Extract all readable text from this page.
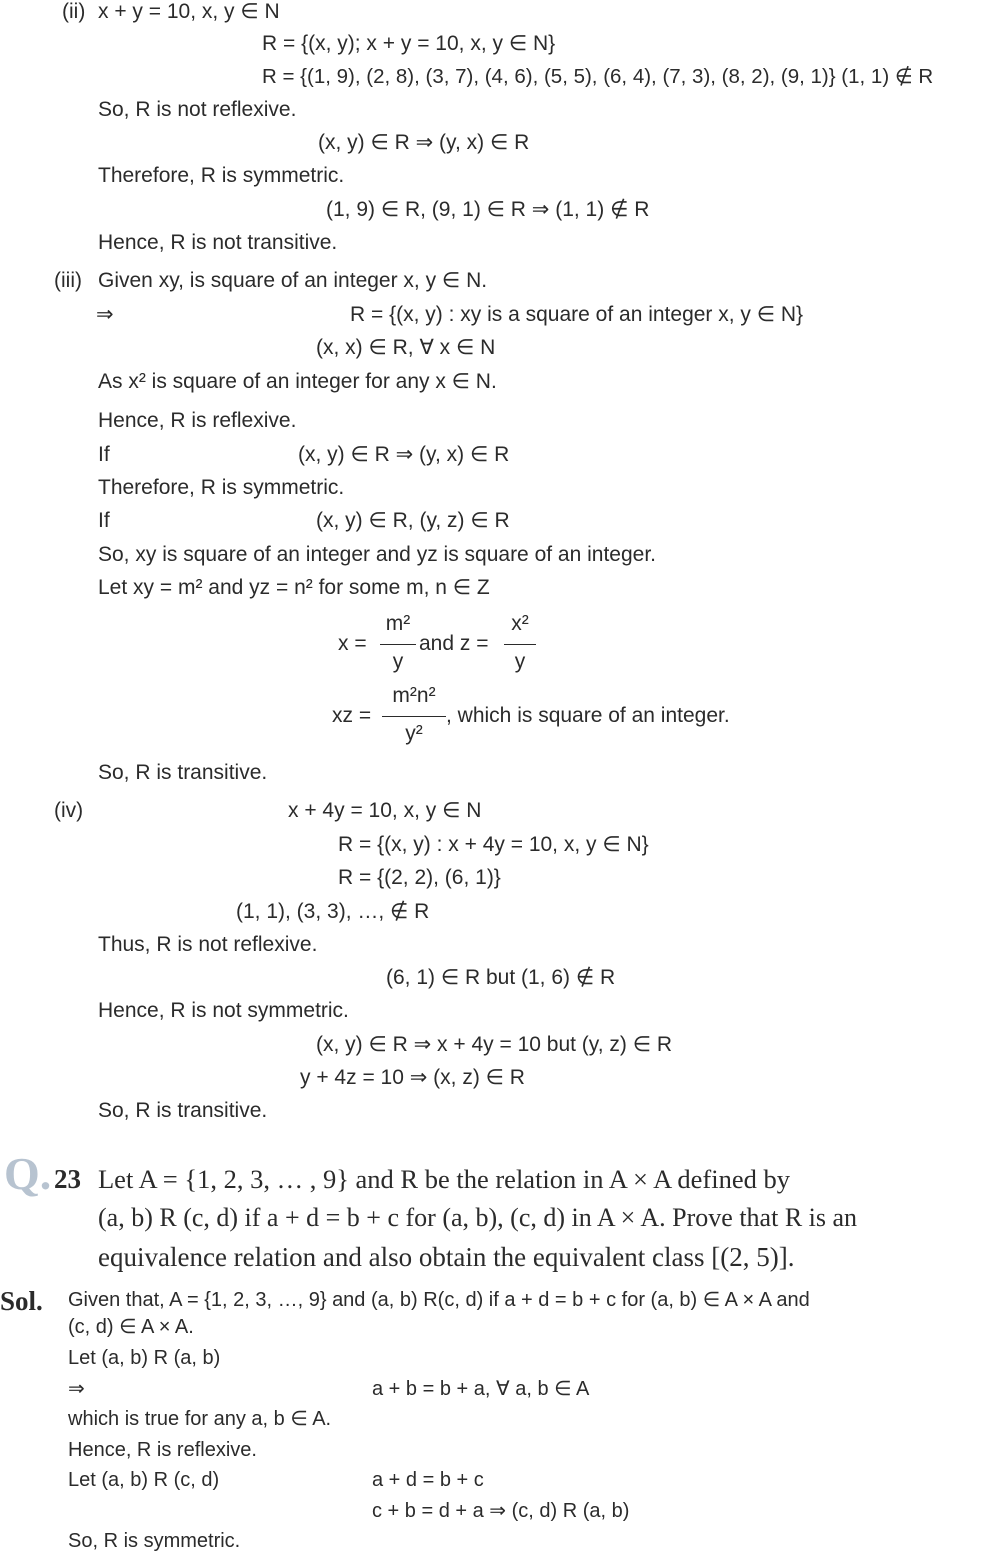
(ii) x + y = 10, x, y ∈ N
R = {(x, y); x + y = 10, x, y ∈ N}
R = {(1, 9), (2, 8), (3, 7), (4, 6), (5, 5), (6, 4), (7, 3), (8, 2), (9, 1)} (1, 1) ∉ R
So, R is not reflexive.
(x, y) ∈ R ⇒ (y, x) ∈ R
Therefore, R is symmetric.
(1, 9) ∈ R, (9, 1) ∈ R ⇒ (1, 1) ∉ R
Hence, R is not transitive.
(iii) Given xy, is square of an integer x, y ∈ N.
⇒	R = {(x, y) : xy is a square of an integer x, y ∈ N}
(x, x) ∈ R, ∀ x ∈ N
As x² is square of an integer for any x ∈ N.
Hence, R is reflexive.
If	(x, y) ∈ R ⇒ (y, x) ∈ R
Therefore, R is symmetric.
If	(x, y) ∈ R, (y, z) ∈ R
So, xy is square of an integer and yz is square of an integer.
Let xy = m² and yz = n² for some m, n ∈ Z
x =
m²
y
and z =
x²
y
xz =
m²n²
y²
, which is square of an integer.
So, R is transitive.
(iv)	x + 4y = 10, x, y ∈ N
R = {(x, y) : x + 4y = 10, x, y ∈ N}
R = {(2, 2), (6, 1)}
(1, 1), (3, 3), …, ∉ R
Thus, R is not reflexive.
(6, 1) ∈ R but (1, 6) ∉ R
Hence, R is not symmetric.
(x, y) ∈ R ⇒ x + 4y = 10 but (y, z) ∈ R
y + 4z = 10 ⇒ (x, z) ∈ R
So, R is transitive.
Q. 23 Let A = {1, 2, 3, … , 9} and R be the relation in A × A defined by
(a, b) R (c, d) if a + d = b + c for (a, b), (c, d) in A × A. Prove that R is an
equivalence relation and also obtain the equivalent class [(2, 5)].
Sol. Given that, A = {1, 2, 3, …, 9} and (a, b) R(c, d) if a + d = b + c for (a, b) ∈ A × A and
(c, d) ∈ A × A.
Let (a, b) R (a, b)
⇒	a + b = b + a, ∀ a, b ∈ A
which is true for any a, b ∈ A.
Hence, R is reflexive.
Let (a, b) R (c, d)	a + d = b + c
c + b = d + a ⇒ (c, d) R (a, b)
So, R is symmetric.
